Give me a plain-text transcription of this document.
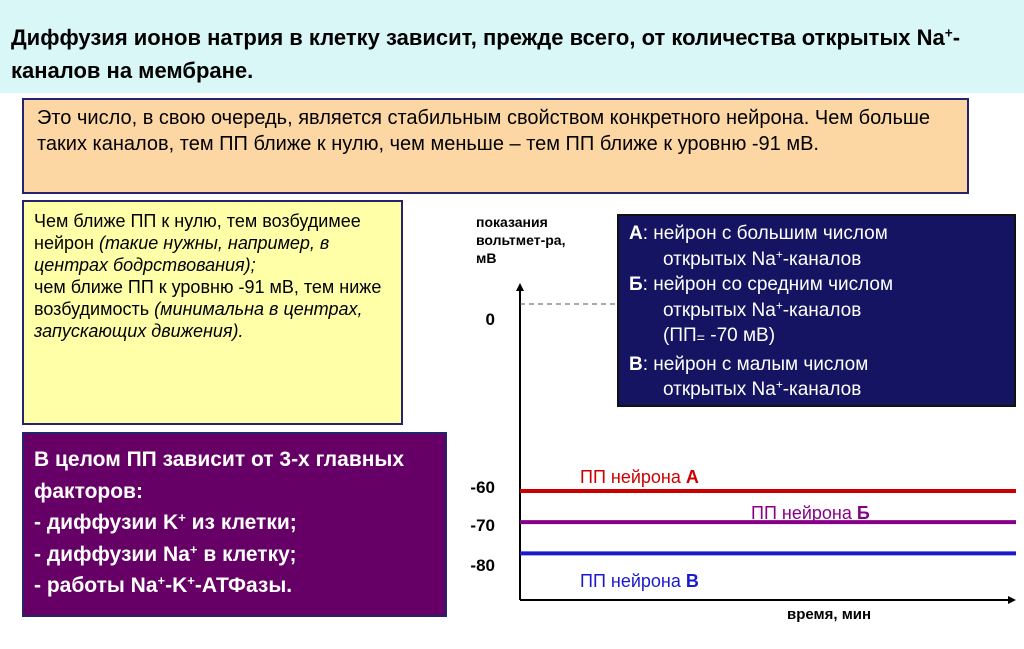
Диффузия ионов натрия в клетку зависит, прежде всего, от количества открытых Na+-каналов на мембране.
Это число, в свою очередь, является стабильным свойством конкретного нейрона. Чем больше таких каналов, тем ПП ближе к нулю, чем меньше – тем ПП ближе к уровню -91 мВ.
Чем ближе ПП к нулю, тем возбудимее нейрон (такие нужны, например, в центрах бодрствования);
чем ближе ПП к уровню -91 мВ, тем ниже возбудимость (минимальна в центрах, запускающих движения).
В целом ПП зависит от 3-х главных факторов:
- диффузии K+ из клетки;
- диффузии Na+ в клетку;
- работы Na+-K+-АТФазы.
показания вольтмет-ра, мВ
время, мин
0
-60
-70
-80
ПП нейрона А
ПП нейрона Б
ПП нейрона В
А: нейрон с большим числом
открытых Na+-каналов
Б: нейрон со средним числом
открытых Na+-каналов
($ПП_=$ -70 мВ)
В: нейрон с малым числом
открытых Na+-каналов
